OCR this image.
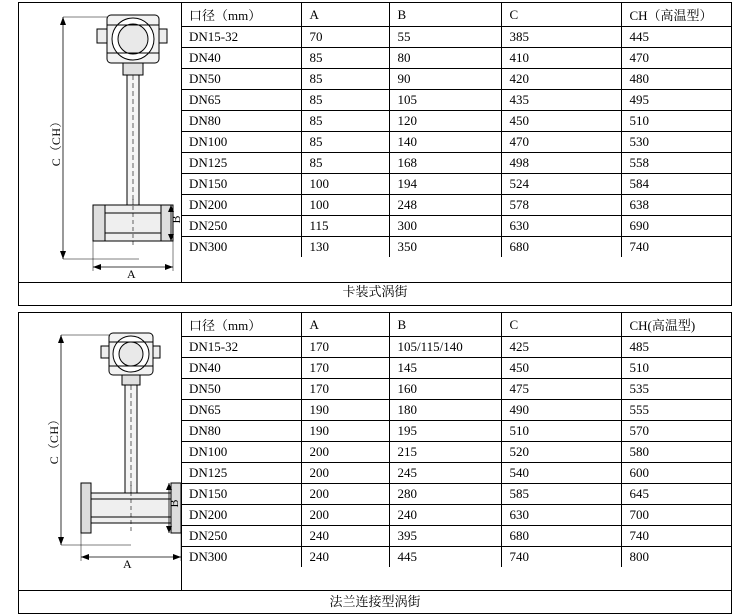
C（CH）
B
A
口径（mm）	A	B	C	CH（高温型）
DN15-32	70	55	385	445
DN40	85	80	410	470
DN50	85	90	420	480
DN65	85	105	435	495
DN80	85	120	450	510
DN100	85	140	470	530
DN125	85	168	498	558
DN150	100	194	524	584
DN200	100	248	578	638
DN250	115	300	630	690
DN300	130	350	680	740
卡装式涡街
C（CH）
B
A
口径（mm）	A	B	C	CH(高温型)
DN15-32	170	105/115/140	425	485
DN40	170	145	450	510
DN50	170	160	475	535
DN65	190	180	490	555
DN80	190	195	510	570
DN100	200	215	520	580
DN125	200	245	540	600
DN150	200	280	585	645
DN200	200	240	630	700
DN250	240	395	680	740
DN300	240	445	740	800
法兰连接型涡街
